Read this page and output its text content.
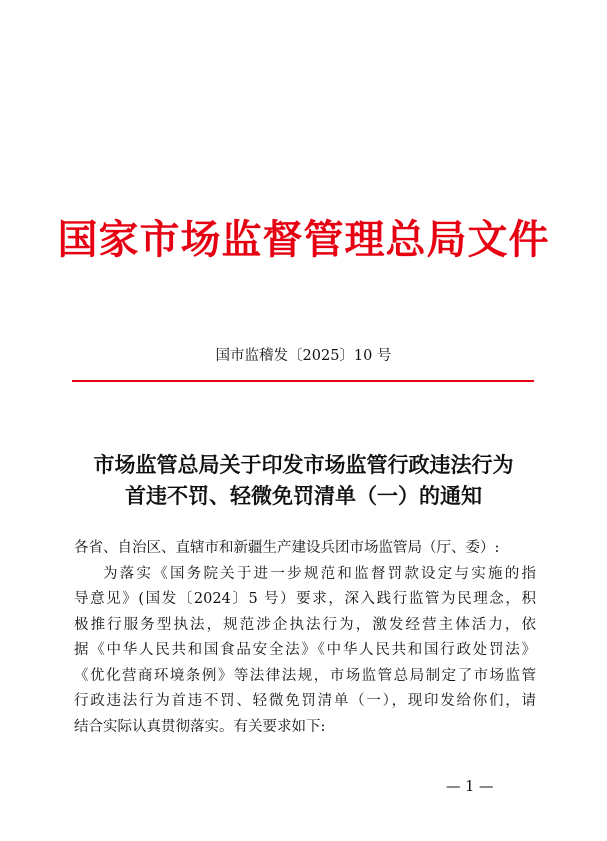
国家市场监督管理总局文件
国市监稽发〔2025〕10 号
市场监管总局关于印发市场监管行政违法行为
首违不罚、轻微免罚清单（一）的通知
各省、自治区、直辖市和新疆生产建设兵团市场监管局（厅、委）:
为落实《国务院关于进一步规范和监督罚款设定与实施的指
导意见》(国发〔2024〕5 号）要求，深入践行监管为民理念，积
极推行服务型执法，规范涉企执法行为，激发经营主体活力，依
据《中华人民共和国食品安全法》《中华人民共和国行政处罚法》
《优化营商环境条例》等法律法规，市场监管总局制定了市场监管
行政违法行为首违不罚、轻微免罚清单（一），现印发给你们，请
结合实际认真贯彻落实。有关要求如下:
— 1 —
